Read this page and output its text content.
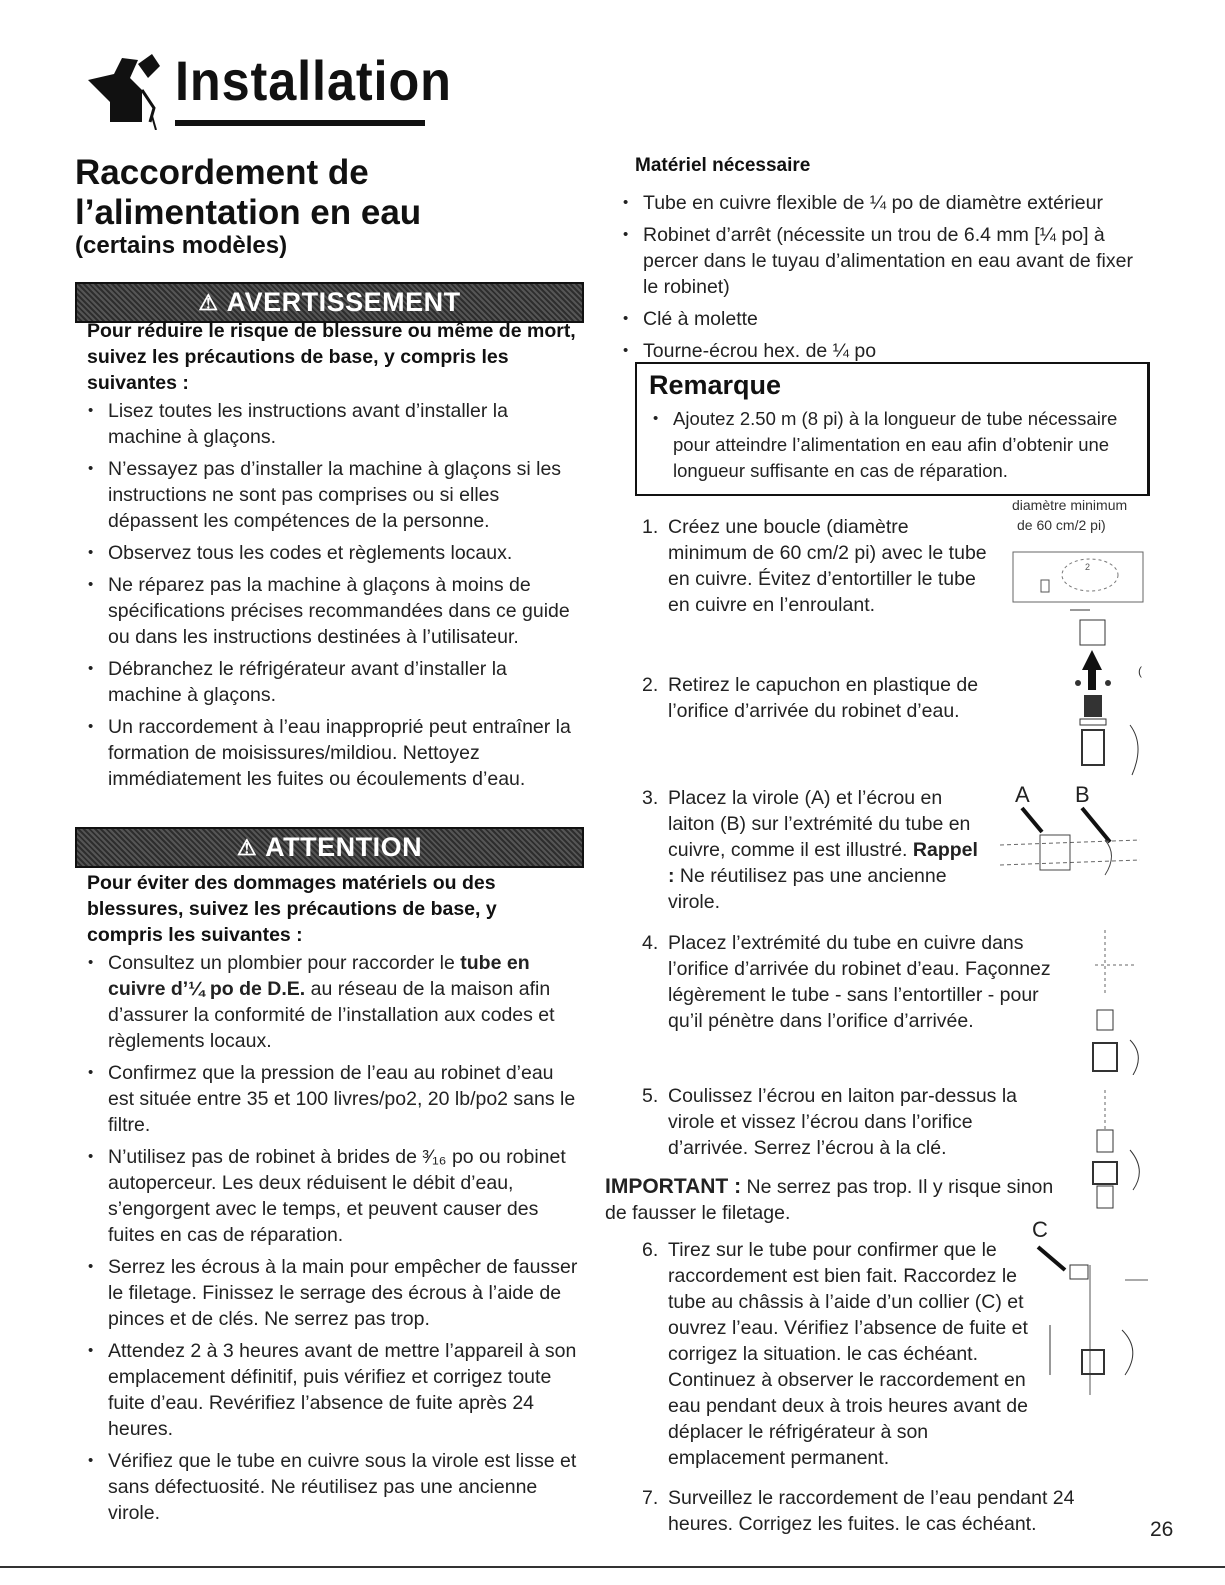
Installation
Raccordement de l’alimentation en eau
(certains modèles)
⚠ AVERTISSEMENT
Pour réduire le risque de blessure ou même de mort, suivez les précautions de base, y compris les suivantes :
• Lisez toutes les instructions avant d’installer la machine à glaçons.
• N’essayez pas d’installer la machine à glaçons si les instructions ne sont pas comprises ou si elles dépassent les compétences de la personne.
• Observez tous les codes et règlements locaux.
• Ne réparez pas la machine à glaçons à moins de spécifications précises recommandées dans ce guide ou dans les instructions destinées à l’utilisateur.
• Débranchez le réfrigérateur avant d’installer la machine à glaçons.
• Un raccordement à l’eau inapproprié peut entraîner la formation de moisissures/mildiou. Nettoyez immédiatement les fuites ou écoulements d’eau.
⚠ ATTENTION
Pour éviter des dommages matériels ou des blessures, suivez les précautions de base, y compris les suivantes :
• Consultez un plombier pour raccorder le tube en cuivre d’¼ po de D.E. au réseau de la maison afin d’assurer la conformité de l’installation aux codes et règlements locaux.
• Confirmez que la pression de l’eau au robinet d’eau est située entre 35 et 100 livres/po2, 20 lb/po2 sans le filtre.
• N’utilisez pas de robinet à brides de ³⁄₁₆ po ou robinet autoperceur. Les deux réduisent le débit d’eau, s’engorgent avec le temps, et peuvent causer des fuites en cas de réparation.
• Serrez les écrous à la main pour empêcher de fausser le filetage. Finissez le serrage des écrous à l’aide de pinces et de clés. Ne serrez pas trop.
• Attendez 2 à 3 heures avant de mettre l’appareil à son emplacement définitif, puis vérifiez et corrigez toute fuite d’eau. Revérifiez l’absence de fuite après 24 heures.
• Vérifiez que le tube en cuivre sous la virole est lisse et sans défectuosité. Ne réutilisez pas une ancienne virole.
Matériel nécessaire
• Tube en cuivre flexible de ¼ po de diamètre extérieur
• Robinet d’arrêt (nécessite un trou de 6.4 mm [¼ po] à percer dans le tuyau d’alimentation en eau avant de fixer le robinet)
• Clé à molette
• Tourne-écrou hex. de ¼ po
Remarque
• Ajoutez 2.50 m (8 pi) à la longueur de tube nécessaire pour atteindre l’alimentation en eau afin d’obtenir une longueur suffisante en cas de réparation.
diamètre minimum
de 60 cm/2 pi)
1. Créez une boucle (diamètre minimum de 60 cm/2 pi) avec le tube en cuivre. Évitez d’entortiller le tube en cuivre en l’enroulant.
2. Retirez le capuchon en plastique de l’orifice d’arrivée du robinet d’eau.
3. Placez la virole (A) et l’écrou en laiton (B) sur l’extrémité du tube en cuivre, comme il est illustré. Rappel : Ne réutilisez pas une ancienne virole.
4. Placez l’extrémité du tube en cuivre dans l’orifice d’arrivée du robinet d’eau. Façonnez légèrement le tube - sans l’entortiller - pour qu’il pénètre dans l’orifice d’arrivée.
5. Coulissez l’écrou en laiton par-dessus la virole et vissez l’écrou dans l’orifice d’arrivée. Serrez l’écrou à la clé.
IMPORTANT : Ne serrez pas trop. Il y risque sinon de fausser le filetage.
6. Tirez sur le tube pour confirmer que le raccordement est bien fait. Raccordez le tube au châssis à l’aide d’un collier (C) et ouvrez l’eau. Vérifiez l’absence de fuite et corrigez la situation. le cas échéant. Continuez à observer le raccordement en eau pendant deux à trois heures avant de déplacer le réfrigérateur à son emplacement permanent.
7. Surveillez le raccordement de l’eau pendant 24 heures. Corrigez les fuites. le cas échéant.
2
(
A B
C
26
